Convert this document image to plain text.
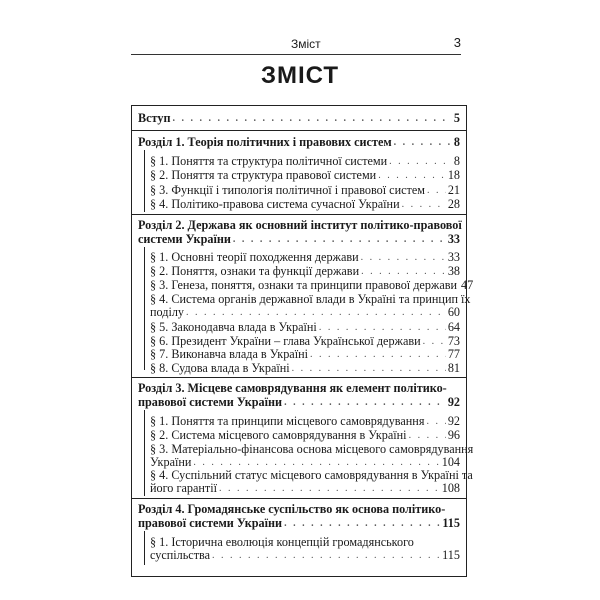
Зміст	3
ЗМІСТ
Вступ . . .	5
Розділ 1. Теорія політичних і правових систем . . .	8
§ 1. Поняття та структура політичної системи . . .	8
§ 2. Поняття та структура правової системи . . .	18
§ 3. Функції і типологія політичної і правової систем . . . 21
§ 4. Політико-правова система сучасної України . . .	28
Розділ 2. Держава як основний інститут політико-правової
системи України . . .	33
§ 1. Основні теорії походження держави . . .	33
§ 2. Поняття, ознаки та функції держави . . .	38
§ 3. Генеза, поняття, ознаки та принципи правової держави 47
§ 4. Система органів державної влади в Україні та принцип їх
поділу . . .	60
§ 5. Законодавча влада в Україні . . .	64
§ 6. Президент України – глава Української держави . . . 73
§ 7. Виконавча влада в Україні . . .	77
§ 8. Судова влада в Україні . . .	81
Розділ 3. Місцеве самоврядування як елемент політико-
правової системи України . . .	92
§ 1. Поняття та принципи місцевого самоврядування . . . 92
§ 2. Система місцевого самоврядування в Україні . . .	96
§ 3. Матеріально-фінансова основа місцевого самоврядування
України . . .	104
§ 4. Суспільний статус місцевого самоврядування в Україні та
його гарантії . . .	108
Розділ 4. Громадянське суспільство як основа політико-
правової системи України . . .	115
§ 1. Історична еволюція концепцій громадянського
суспільства . . .	115
